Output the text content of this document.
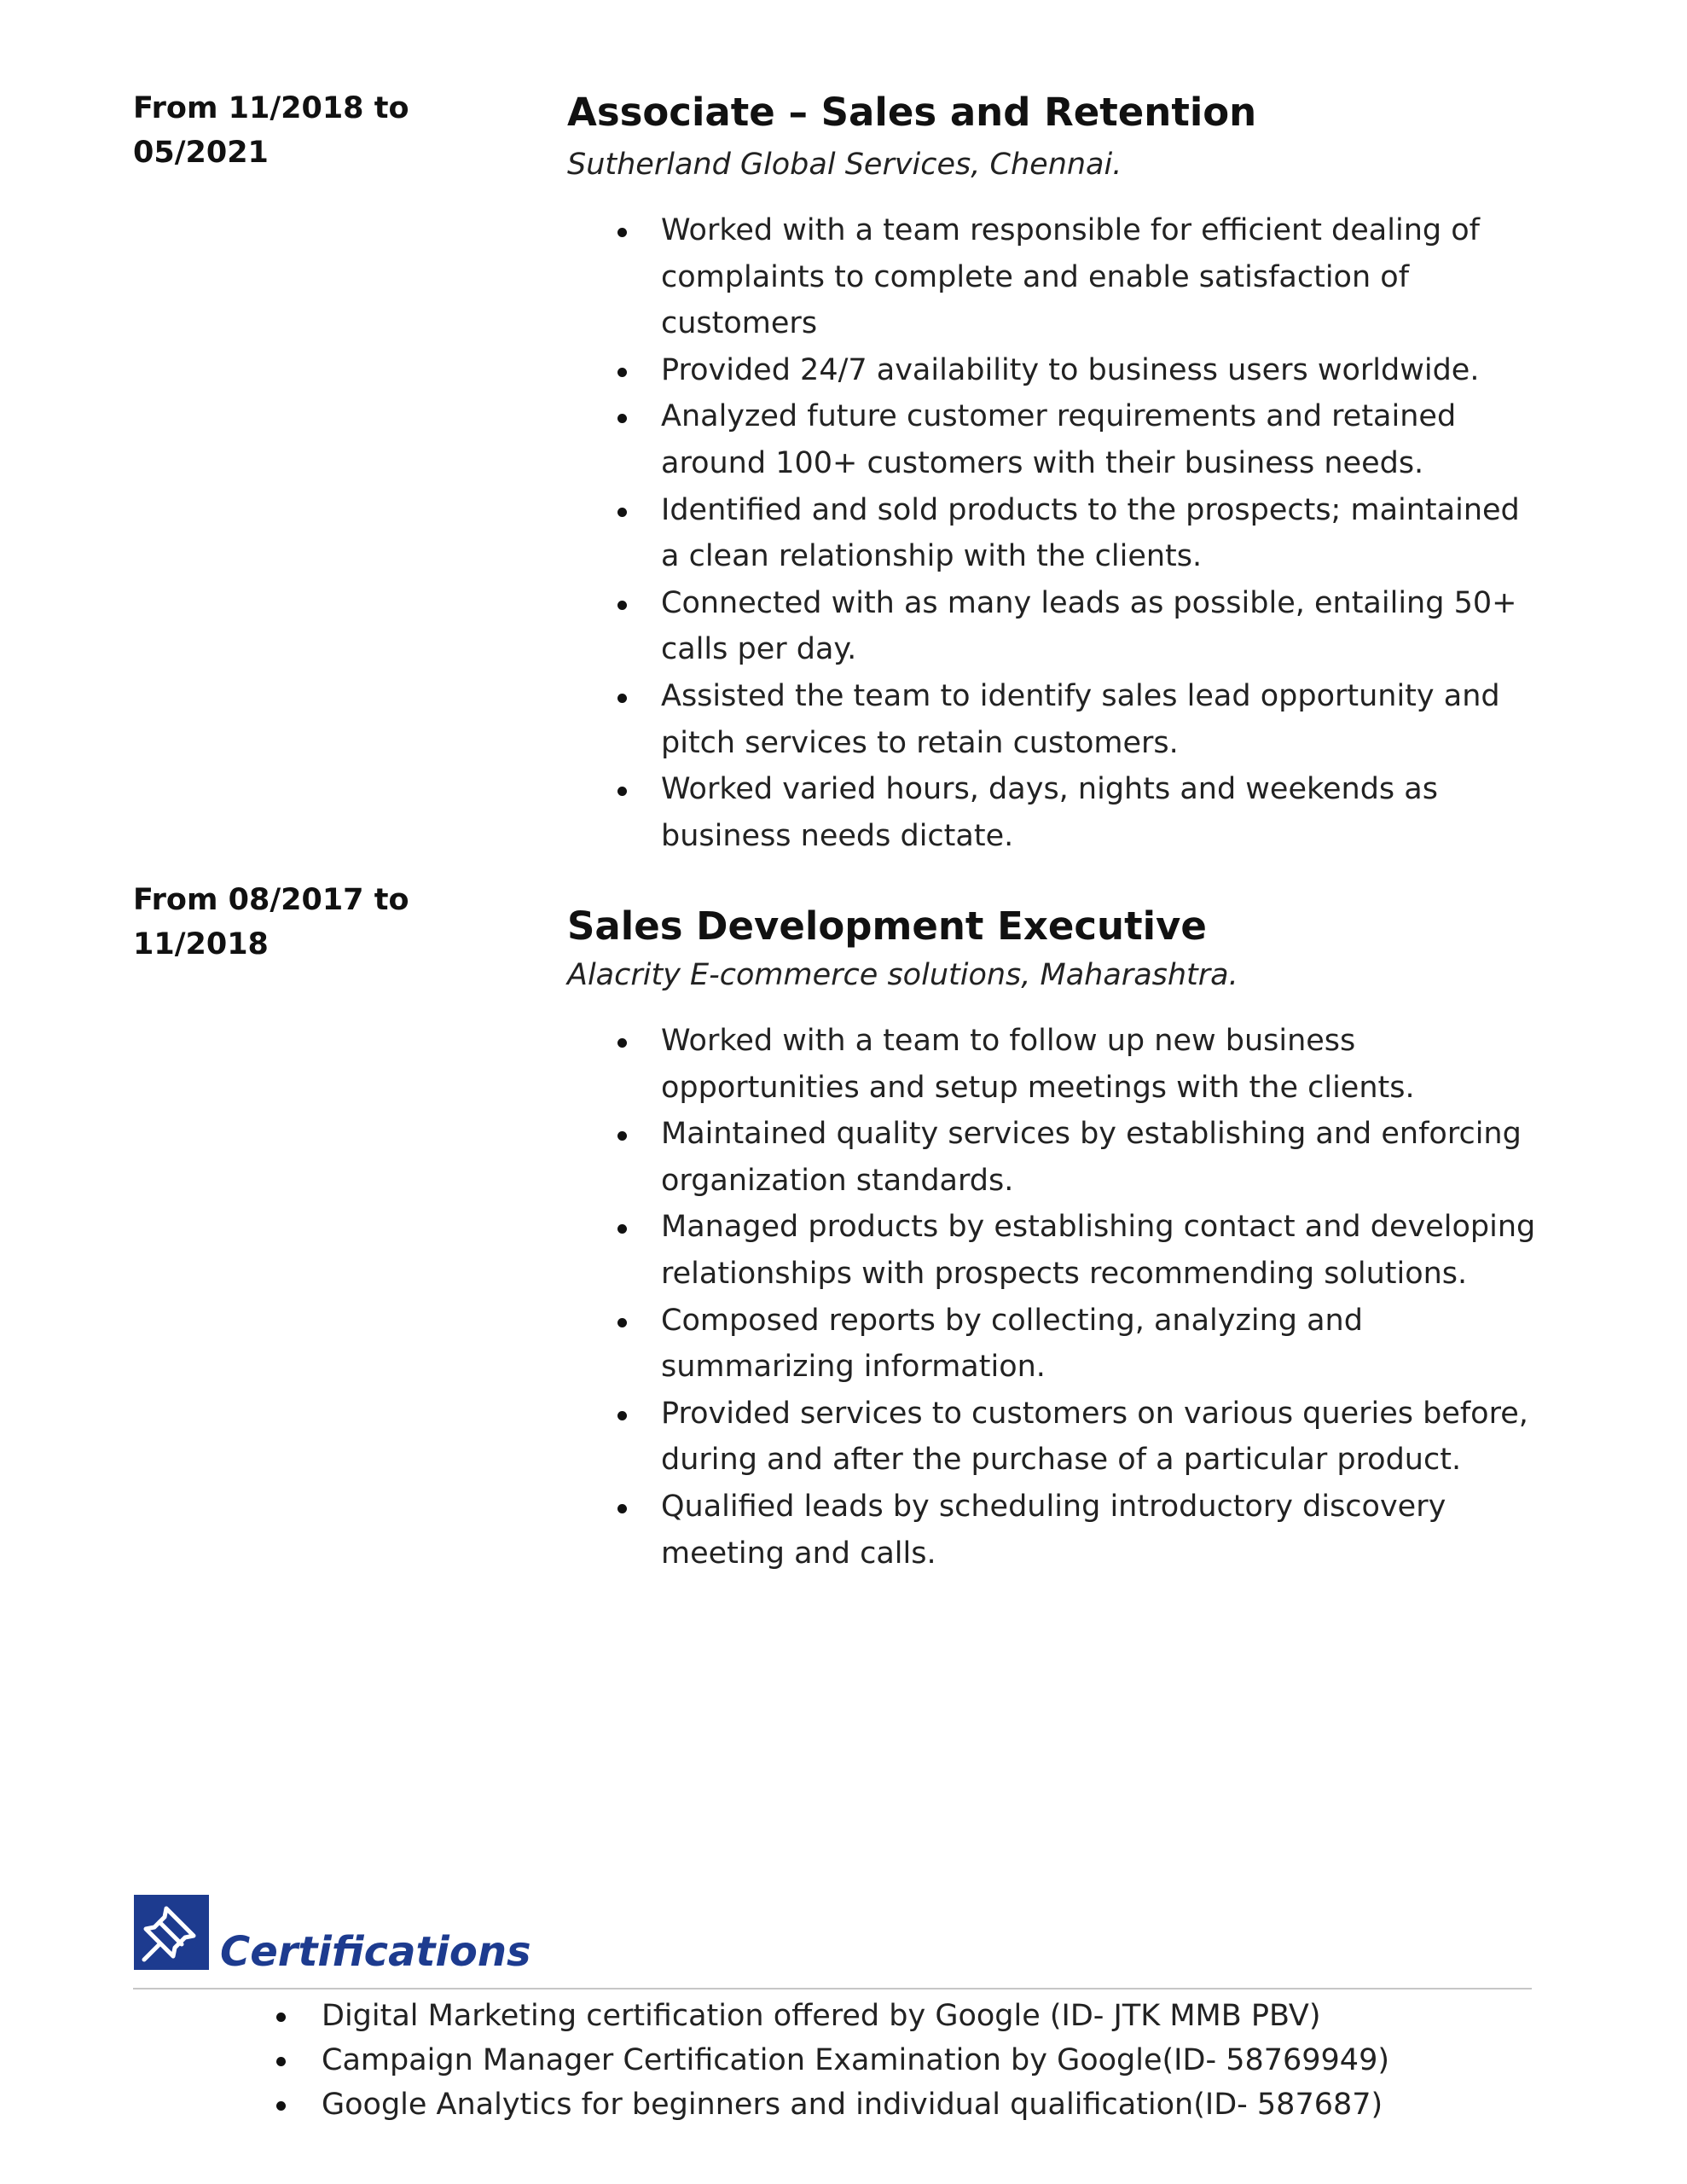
From 11/2018 to 05/2021
Associate – Sales and Retention
Sutherland Global Services, Chennai.
Worked with a team responsible for efficient dealing of complaints to complete and enable satisfaction of customers
Provided 24/7 availability to business users worldwide.
Analyzed future customer requirements and retained around 100+ customers with their business needs.
Identified and sold products to the prospects; maintained a clean relationship with the clients.
Connected with as many leads as possible, entailing 50+ calls per day.
Assisted the team to identify sales lead opportunity and pitch services to retain customers.
Worked varied hours, days, nights and weekends as business needs dictate.
From 08/2017 to 11/2018	Sales Development Executive
Alacrity E-commerce solutions, Maharashtra.
Worked with a team to follow up new business opportunities and setup meetings with the clients.
Maintained quality services by establishing and enforcing organization standards.
Managed products by establishing contact and developing relationships with prospects recommending solutions.
Composed reports by collecting, analyzing and summarizing information.
Provided services to customers on various queries before, during and after the purchase of a particular product.
Qualified leads by scheduling introductory discovery meeting and calls.
Certifications
Digital Marketing certification offered by Google (ID- JTK MMB PBV)
Campaign Manager Certification Examination by Google(ID- 58769949)
Google Analytics for beginners and individual qualification(ID- 587687)
